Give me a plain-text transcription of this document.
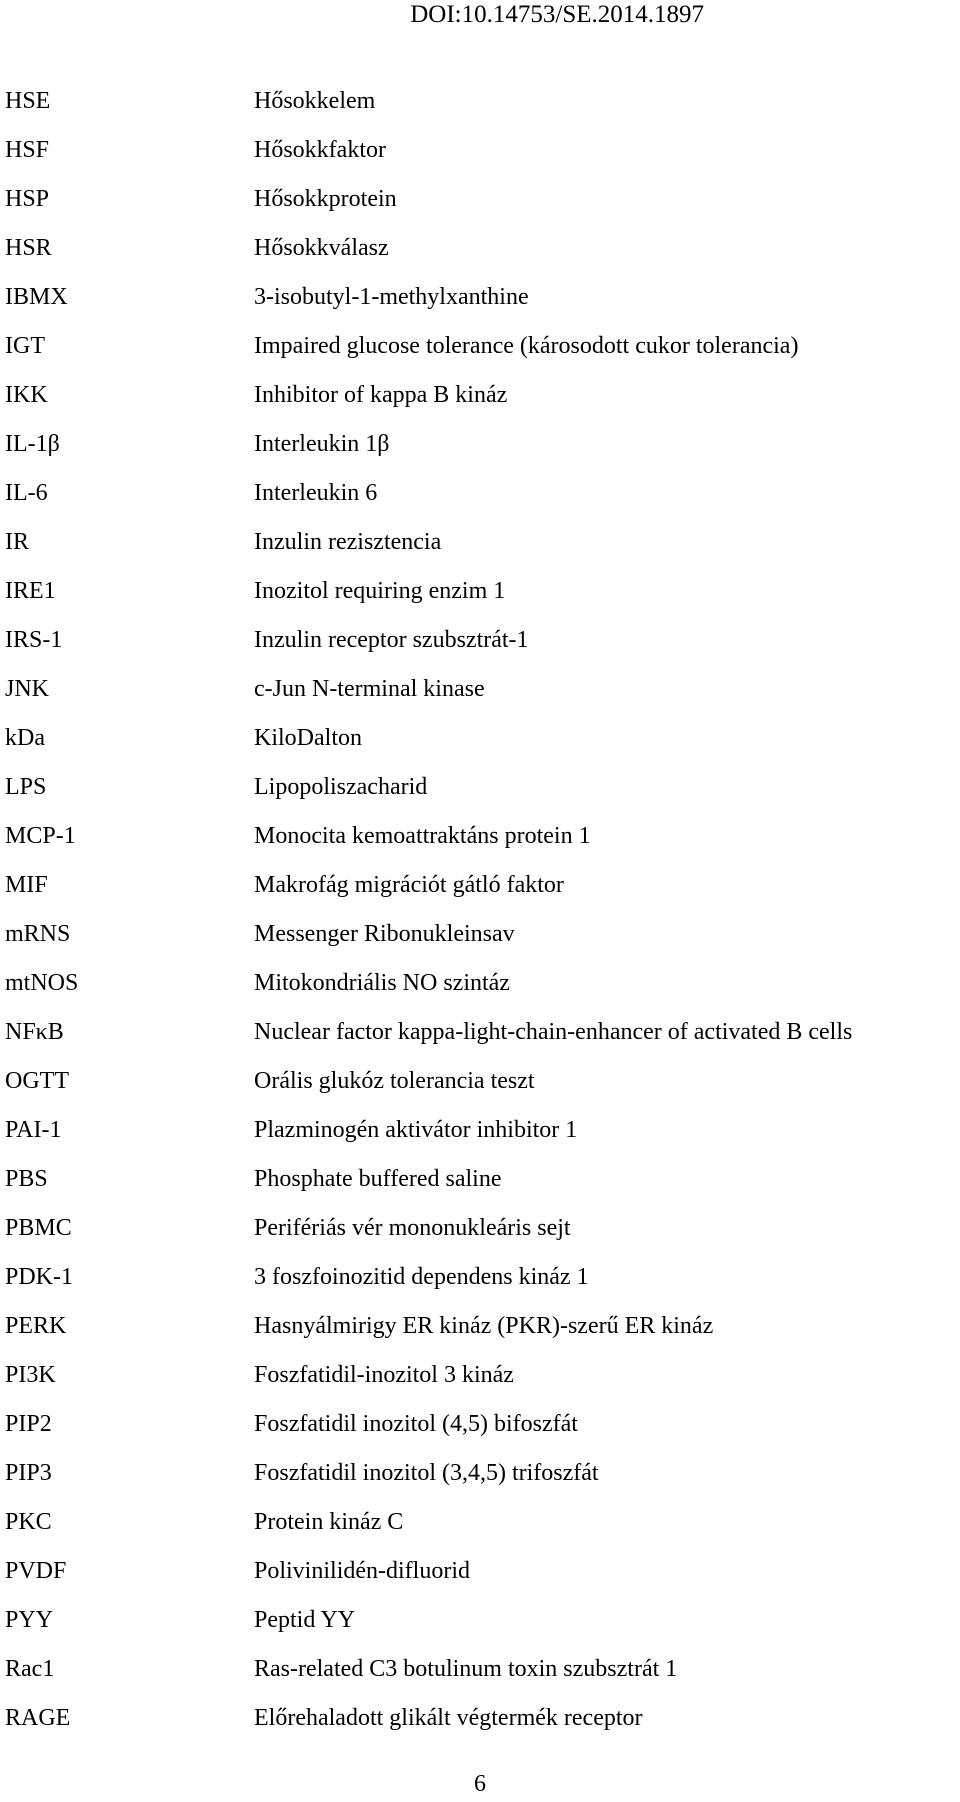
DOI:10.14753/SE.2014.1897
HSE	Hősokkelem
HSF	Hősokkfaktor
HSP	Hősokkprotein
HSR	Hősokkválasz
IBMX	3-isobutyl-1-methylxanthine
IGT	Impaired glucose tolerance (károsodott cukor tolerancia)
IKK	Inhibitor of kappa B kináz
IL-1β	Interleukin 1β
IL-6	Interleukin 6
IR	Inzulin rezisztencia
IRE1	Inozitol requiring enzim 1
IRS-1	Inzulin receptor szubsztrát-1
JNK	c-Jun N-terminal kinase
kDa	KiloDalton
LPS	Lipopoliszacharid
MCP-1	Monocita kemoattraktáns protein 1
MIF	Makrofág migrációt gátló faktor
mRNS	Messenger Ribonukleinsav
mtNOS	Mitokondriális NO szintáz
NFκB	Nuclear factor kappa-light-chain-enhancer of activated B cells
OGTT	Orális glukóz tolerancia teszt
PAI-1	Plazminogén aktivátor inhibitor 1
PBS	Phosphate buffered saline
PBMC	Perifériás vér mononukleáris sejt
PDK-1	3 foszfoinozitid dependens kináz 1
PERK	Hasnyálmirigy ER kináz (PKR)-szerű ER kináz
PI3K	Foszfatidil-inozitol 3 kináz
PIP2	Foszfatidil inozitol (4,5) bifoszfát
PIP3	Foszfatidil inozitol (3,4,5) trifoszfát
PKC	Protein kináz C
PVDF	Polivinilidén-difluorid
PYY	Peptid YY
Rac1	Ras-related C3 botulinum toxin szubsztrát 1
RAGE	Előrehaladott glikált végtermék receptor
6
